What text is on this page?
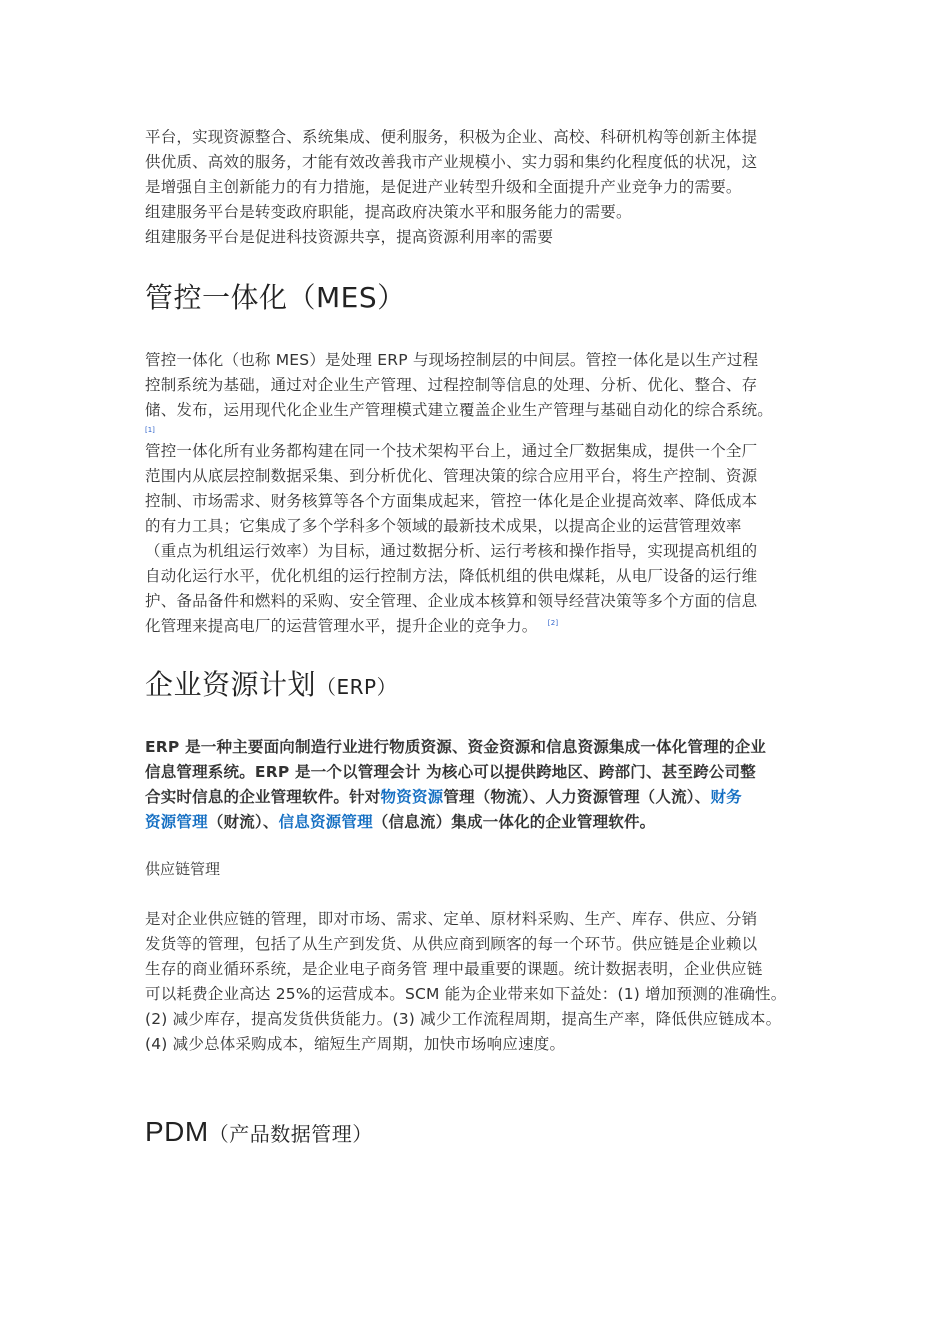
平台，实现资源整合、系统集成、便利服务，积极为企业、高校、科研机构等创新主体提
供优质、高效的服务，才能有效改善我市产业规模小、实力弱和集约化程度低的状况，这
是增强自主创新能力的有力措施，是促进产业转型升级和全面提升产业竞争力的需要。
组建服务平台是转变政府职能，提高政府决策水平和服务能力的需要。
组建服务平台是促进科技资源共享，提高资源利用率的需要

管控一体化（MES）

管控一体化（也称 MES）是处理 ERP 与现场控制层的中间层。管控一体化是以生产过程
控制系统为基础，通过对企业生产管理、过程控制等信息的处理、分析、优化、整合、存
储、发布，运用现代化企业生产管理模式建立覆盖企业生产管理与基础自动化的综合系统。

[1]

管控一体化所有业务都构建在同一个技术架构平台上，通过全厂数据集成，提供一个全厂
范围内从底层控制数据采集、到分析优化、管理决策的综合应用平台，将生产控制、资源
控制、市场需求、财务核算等各个方面集成起来，管控一体化是企业提高效率、降低成本
的有力工具；它集成了多个学科多个领域的最新技术成果，以提高企业的运营管理效率
（重点为机组运行效率）为目标，通过数据分析、运行考核和操作指导，实现提高机组的
自动化运行水平，优化机组的运行控制方法，降低机组的供电煤耗，从电厂设备的运行维
护、备品备件和燃料的采购、安全管理、企业成本核算和领导经营决策等多个方面的信息
化管理来提高电厂的运营管理水平，提升企业的竞争力。 [2]

企业资源计划（ERP）

ERP 是一种主要面向制造行业进行物质资源、资金资源和信息资源集成一体化管理的企业
信息管理系统。ERP 是一个以管理会计 为核心可以提供跨地区、跨部门、甚至跨公司整
合实时信息的企业管理软件。针对物资资源管理（物流）、人力资源管理（人流）、财务
资源管理（财流）、信息资源管理（信息流）集成一体化的企业管理软件。

供应链管理

是对企业供应链的管理，即对市场、需求、定单、原材料采购、生产、库存、供应、分销
发货等的管理，包括了从生产到发货、从供应商到顾客的每一个环节。供应链是企业赖以
生存的商业循环系统，是企业电子商务管 理中最重要的课题。统计数据表明，企业供应链
可以耗费企业高达 25%的运营成本。SCM 能为企业带来如下益处：(1) 增加预测的准确性。
(2) 减少库存，提高发货供货能力。(3) 减少工作流程周期，提高生产率，降低供应链成本。
(4) 减少总体采购成本，缩短生产周期，加快市场响应速度。

PDM（产品数据管理）
